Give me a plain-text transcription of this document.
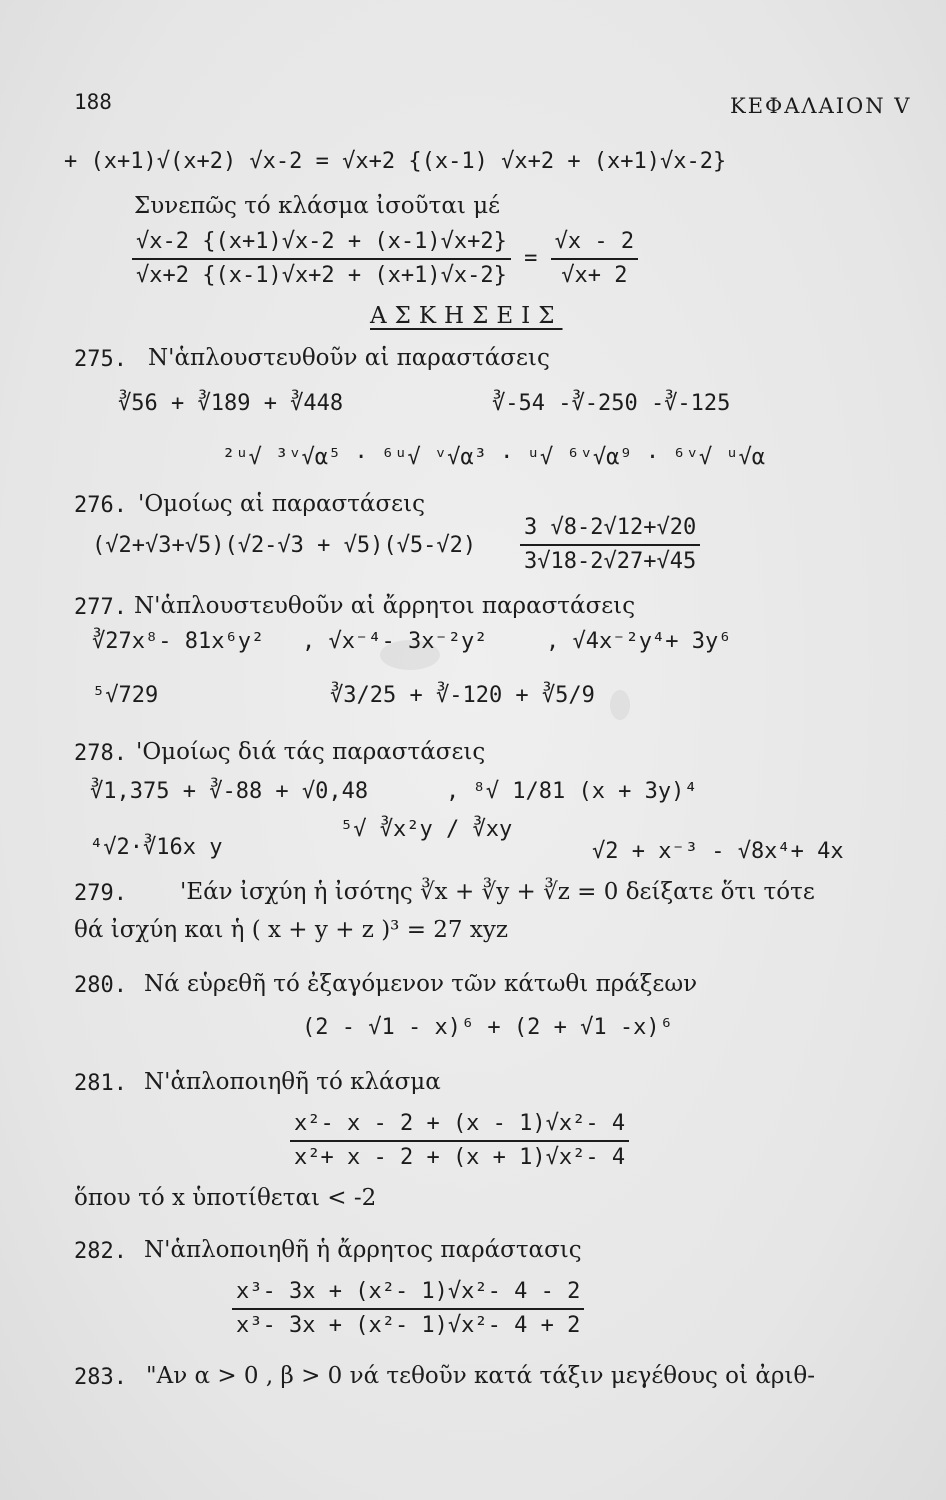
188	ΚΕΦΑΛΑΙΟΝ V
+ (x+1)√(x+2) √x-2 = √x+2 {(x-1) √x+2 + (x+1)√x-2}
Συνεπῶς τό κλάσμα ἰσοῦται μέ
$\frac{√x-2 \{(x+1)√x-2 + (x-1)√x+2\}}{√x+2 \{(x-1)√x+2 + (x+1)√x-2\}} = \frac{√x - 2}{√x+ 2}$
ΑΣΚΗΣΕΙΣ
275. Ν'ἁπλουστευθοῦν αἱ παραστάσεις
∛56 + ∛189 + ∛448	∛-54 -∛-250 -∛-125
²ᵘ√ ³ᵛ√α⁵ · ⁶ᵘ√ ᵛ√α³ · ᵘ√ ⁶ᵛ√α⁹ · ⁶ᵛ√ ᵘ√α
276. 'Ομοίως αἱ παραστάσεις
$(√2+√3+√5)(√2-√3 + √5)(√5-√2) \frac{3 √8-2√12+√20}{3√18-2√27+√45}$
277. Ν'ἁπλουστευθοῦν αἱ ἄρρητοι παραστάσεις
∛27x⁸- 81x⁶y² , √x⁻⁴- 3x⁻²y²	, √4x⁻²y⁴+ 3y⁶
⁵√729	∛3/25 + ∛-120 + ∛5/9
278. 'Ομοίως διά τάς παραστάσεις
∛1,375 + ∛-88 + √0,48	, ⁸√ 1/81 (x + 3y)⁴
⁴√2·∛16x y
⁵√ ∛x²y / ∛xy
√2 + x⁻³ - √8x⁴+ 4x
279. 'Εάν ἰσχύη ἡ ἰσότης ∛x + ∛y + ∛z = 0 δείξατε ὅτι τότε
θά ἰσχύη και ἡ ( x + y + z )³ = 27 xyz
280. Νά εὑρεθῆ τό ἐξαγόμενον τῶν κάτωθι πράξεων
(2 - √1 - x)⁶ + (2 + √1 -x)⁶
281. Ν'ἁπλοποιηθῆ τό κλάσμα
$\frac{\text{x²- x - 2 + (x - 1)√x²- 4}}{\text{x²+ x - 2 + (x + 1)√x²- 4}}$
ὅπου τό x ὑποτίθεται < -2
282. Ν'ἁπλοποιηθῆ ἡ ἄρρητος παράστασις
$\frac{\text{x³- 3x + (x²- 1)√x²- 4 - 2}}{\text{x³- 3x + (x²- 1)√x²- 4 + 2}}$
283. "Αν α > 0 , β > 0 νά τεθοῦν κατά τάξιν μεγέθους οἱ ἀριθ-
